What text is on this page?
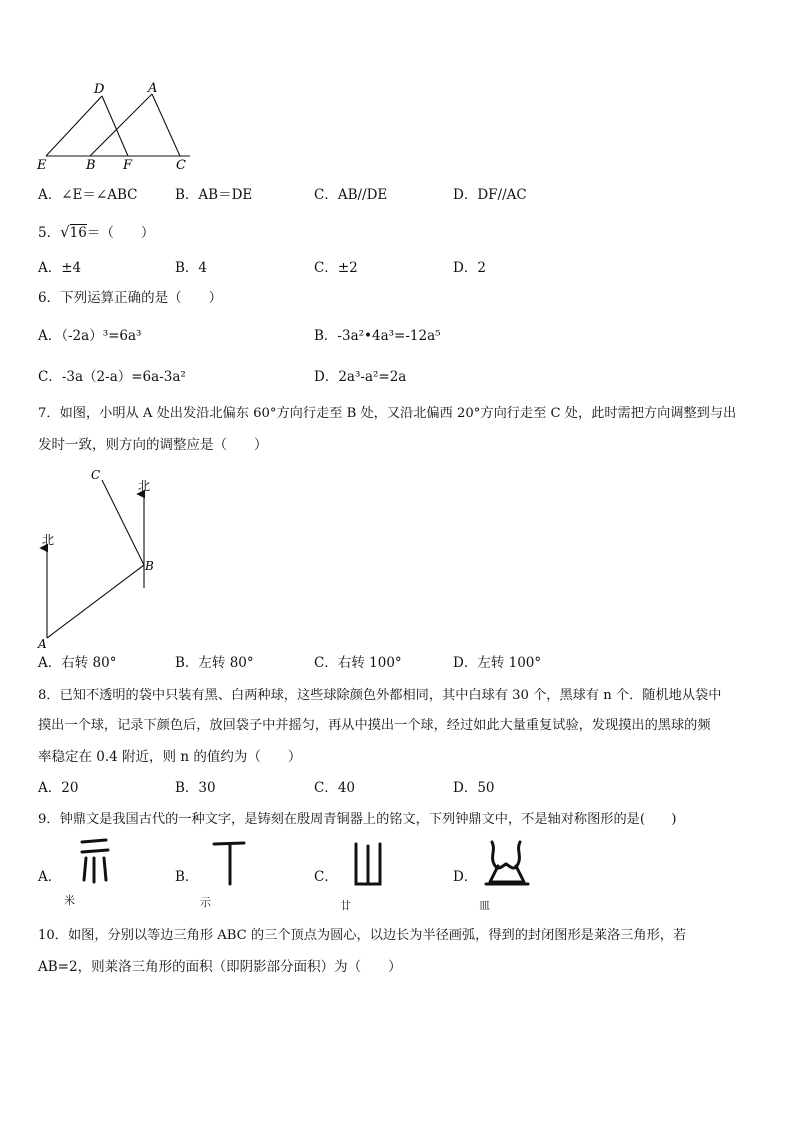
D	A
E	B F	C
A．∠E＝∠ABC	B．AB＝DE	C．AB//DE	D．DF//AC
5．√16＝（　　）
A．±4	B．4	C．±2	D．2
6．下列运算正确的是（　　）
A．（-2a）³=6a³	B．-3a²•4a³=-12a⁵
C．-3a（2-a）=6a-3a²	D．2a³-a²=2a
7．如图，小明从 A 处出发沿北偏东 60°方向行走至 B 处，又沿北偏西 20°方向行走至 C 处，此时需把方向调整到与出
发时一致，则方向的调整应是（　　）
北
北
A
B
C
A．右转 80°	B．左转 80°	C．右转 100°	D．左转 100°
8．已知不透明的袋中只装有黑、白两种球，这些球除颜色外都相同，其中白球有 30 个，黑球有 n 个．随机地从袋中
摸出一个球，记录下颜色后，放回袋子中并摇匀，再从中摸出一个球，经过如此大量重复试验，发现摸出的黑球的频
率稳定在 0.4 附近，则 n 的值约为（　　）
A．20	B．30	C．40	D．50
9．钟鼎文是我国古代的一种文字，是铸刻在殷周青铜器上的铭文，下列钟鼎文中，不是轴对称图形的是(　　)
A．
米
B．
示
C．
廿
D．
皿
10．如图，分别以等边三角形 ABC 的三个顶点为圆心，以边长为半径画弧，得到的封闭图形是莱洛三角形，若
AB=2，则莱洛三角形的面积（即阴影部分面积）为（　　）
